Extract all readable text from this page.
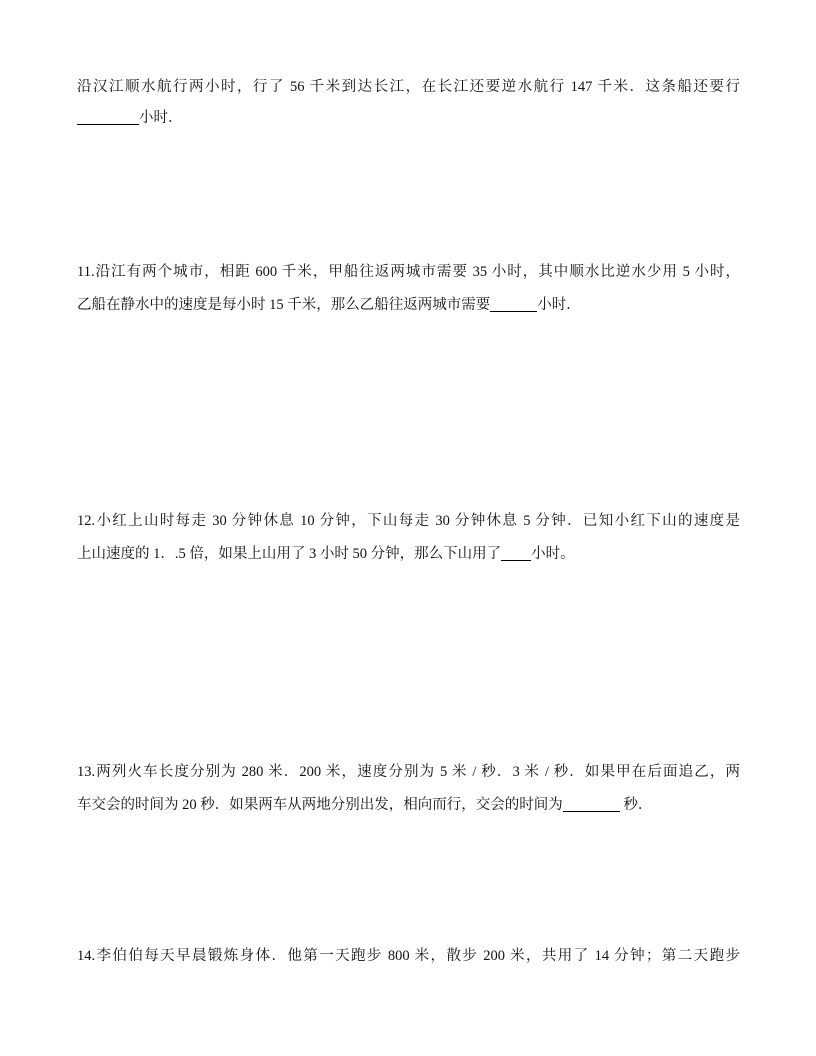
沿汉江顺水航行两小时，行了 56 千米到达长江，在长江还要逆水航行 147 千米．这条船还要行
小时．
11.沿江有两个城市，相距 600 千米，甲船往返两城市需要 35 小时，其中顺水比逆水少用 5 小时，
乙船在静水中的速度是每小时 15 千米，那么乙船往返两城市需要	小时．
12.小红上山时每走 30 分钟休息 10 分钟，下山每走 30 分钟休息 5 分钟．已知小红下山的速度是
上山速度的 1．.5 倍，如果上山用了 3 小时 50 分钟，那么下山用了 小时。
13.两列火车长度分别为 280 米．200 米，速度分别为 5 米 / 秒．3 米 / 秒．如果甲在后面追乙，两
车交会的时间为 20 秒．如果两车从两地分别出发，相向而行，交会的时间为	秒．
14.李伯伯每天早晨锻炼身体．他第一天跑步 800 米，散步 200 米，共用了 14 分钟；第二天跑步
